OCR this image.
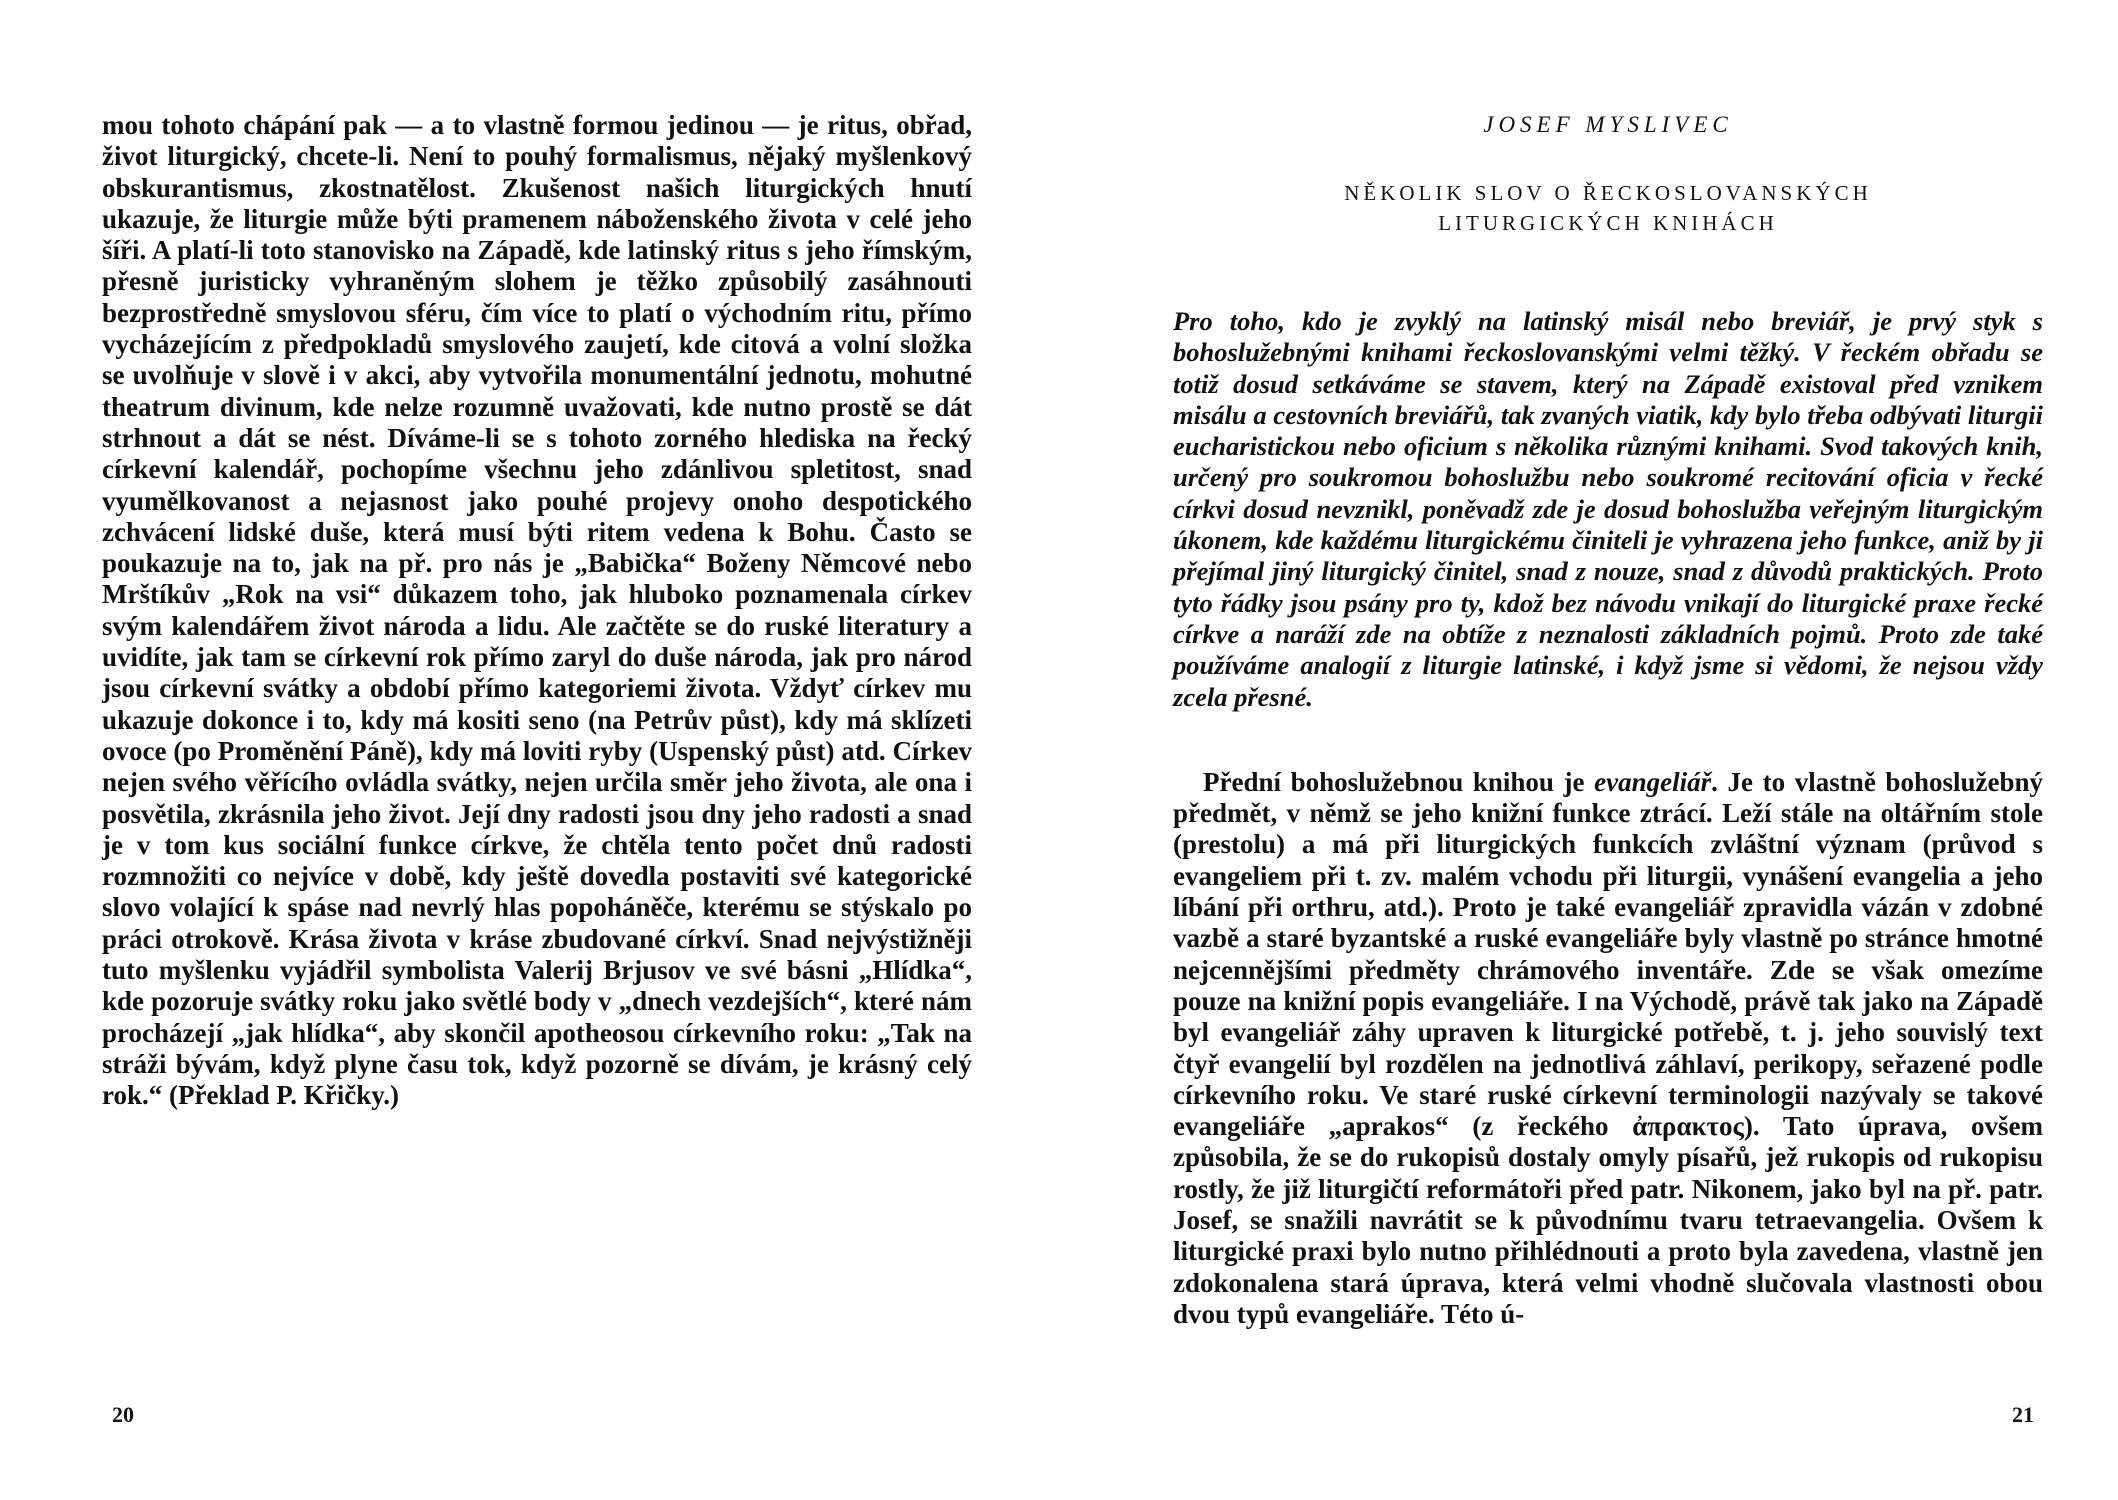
mou tohoto chápání pak — a to vlastně formou jedinou — je ritus, obřad, život liturgický, chcete-li. Není to pouhý formalismus, nějaký myšlenkový obskurantismus, zkostnatělost. Zkušenost našich liturgických hnutí ukazuje, že liturgie může býti pramenem náboženského života v celé jeho šíři. A platí-li toto stanovisko na Západě, kde latinský ritus s jeho římským, přesně juristicky vyhraněným slohem je těžko způsobilý zasáhnouti bezprostředně smyslovou sféru, čím více to platí o východním ritu, přímo vycházejícím z předpokladů smyslového zaujetí, kde citová a volní složka se uvolňuje v slově i v akci, aby vytvořila monumentální jednotu, mohutné theatrum divinum, kde nelze rozumně uvažovati, kde nutno prostě se dát strhnout a dát se nést. Díváme-li se s tohoto zorného hlediska na řecký církevní kalendář, pochopíme všechnu jeho zdánlivou spletitost, snad vyumělkovanost a nejasnost jako pouhé projevy onoho despotického zchvácení lidské duše, která musí býti ritem vedena k Bohu. Často se poukazuje na to, jak na př. pro nás je „Babička“ Boženy Němcové nebo Mrštíkův „Rok na vsi“ důkazem toho, jak hluboko poznamenala církev svým kalendářem život národa a lidu. Ale začtěte se do ruské literatury a uvidíte, jak tam se církevní rok přímo zaryl do duše národa, jak pro národ jsou církevní svátky a období přímo kategoriemi života. Vždyť církev mu ukazuje dokonce i to, kdy má kositi seno (na Petrův půst), kdy má sklízeti ovoce (po Proměnění Páně), kdy má loviti ryby (Uspenský půst) atd. Církev nejen svého věřícího ovládla svátky, nejen určila směr jeho života, ale ona i posvětila, zkrásnila jeho život. Její dny radosti jsou dny jeho radosti a snad je v tom kus sociální funkce církve, že chtěla tento počet dnů radosti rozmnožiti co nejvíce v době, kdy ještě dovedla postaviti své kategorické slovo volající k spáse nad nevrlý hlas popoháněče, kterému se stýskalo po práci otrokově. Krása života v kráse zbudované církví. Snad nejvýstižněji tuto myšlenku vyjádřil symbolista Valerij Brjusov ve své básni „Hlídka“, kde pozoruje svátky roku jako světlé body v „dnech vezdejších“, které nám procházejí „jak hlídka“, aby skončil apotheosou církevního roku: „Tak na stráži bývám, když plyne času tok, když pozorně se dívám, je krásný celý rok.“ (Překlad P. Křičky.)
20

JOSEF MYSLIVEC

NĚKOLIK SLOV O ŘECKOSLOVANSKÝCH
LITURGICKÝCH KNIHÁCH

Pro toho, kdo je zvyklý na latinský misál nebo breviář, je prvý styk s bohoslužebnými knihami řeckoslovanskými velmi těžký. V řeckém obřadu se totiž dosud setkáváme se stavem, který na Západě existoval před vznikem misálu a cestovních breviářů, tak zvaných viatik, kdy bylo třeba odbývati liturgii eucharistickou nebo oficium s několika různými knihami. Svod takových knih, určený pro soukromou bohoslužbu nebo soukromé recitování oficia v řecké církvi dosud nevznikl, poněvadž zde je dosud bohoslužba veřejným liturgickým úkonem, kde každému liturgickému činiteli je vyhrazena jeho funkce, aniž by ji přejímal jiný liturgický činitel, snad z nouze, snad z důvodů praktických. Proto tyto řádky jsou psány pro ty, kdož bez návodu vnikají do liturgické praxe řecké církve a naráží zde na obtíže z neznalosti základních pojmů. Proto zde také používáme analogií z liturgie latinské, i když jsme si vědomi, že nejsou vždy zcela přesné.

Přední bohoslužebnou knihou je evangeliář. Je to vlastně bohoslužebný předmět, v němž se jeho knižní funkce ztrácí. Leží stále na oltářním stole (prestolu) a má při liturgických funkcích zvláštní význam (průvod s evangeliem při t. zv. malém vchodu při liturgii, vynášení evangelia a jeho líbání při orthru, atd.). Proto je také evangeliář zpravidla vázán v zdobné vazbě a staré byzantské a ruské evangeliáře byly vlastně po stránce hmotné nejcennějšími předměty chrámového inventáře. Zde se však omezíme pouze na knižní popis evangeliáře. I na Východě, právě tak jako na Západě byl evangeliář záhy upraven k liturgické potřebě, t. j. jeho souvislý text čtyř evangelií byl rozdělen na jednotlivá záhlaví, perikopy, seřazené podle církevního roku. Ve staré ruské církevní terminologii nazývaly se takové evangeliáře „aprakos“ (z řeckého ἀπρακτος). Tato úprava, ovšem způsobila, že se do rukopisů dostaly omyly písařů, jež rukopis od rukopisu rostly, že již liturgičtí reformátoři před patr. Nikonem, jako byl na př. patr. Josef, se snažili navrátit se k původnímu tvaru tetraevangelia. Ovšem k liturgické praxi bylo nutno přihlédnouti a proto byla zavedena, vlastně jen zdokonalena stará úprava, která velmi vhodně slučovala vlastnosti obou dvou typů evangeliáře. Této ú-

21
